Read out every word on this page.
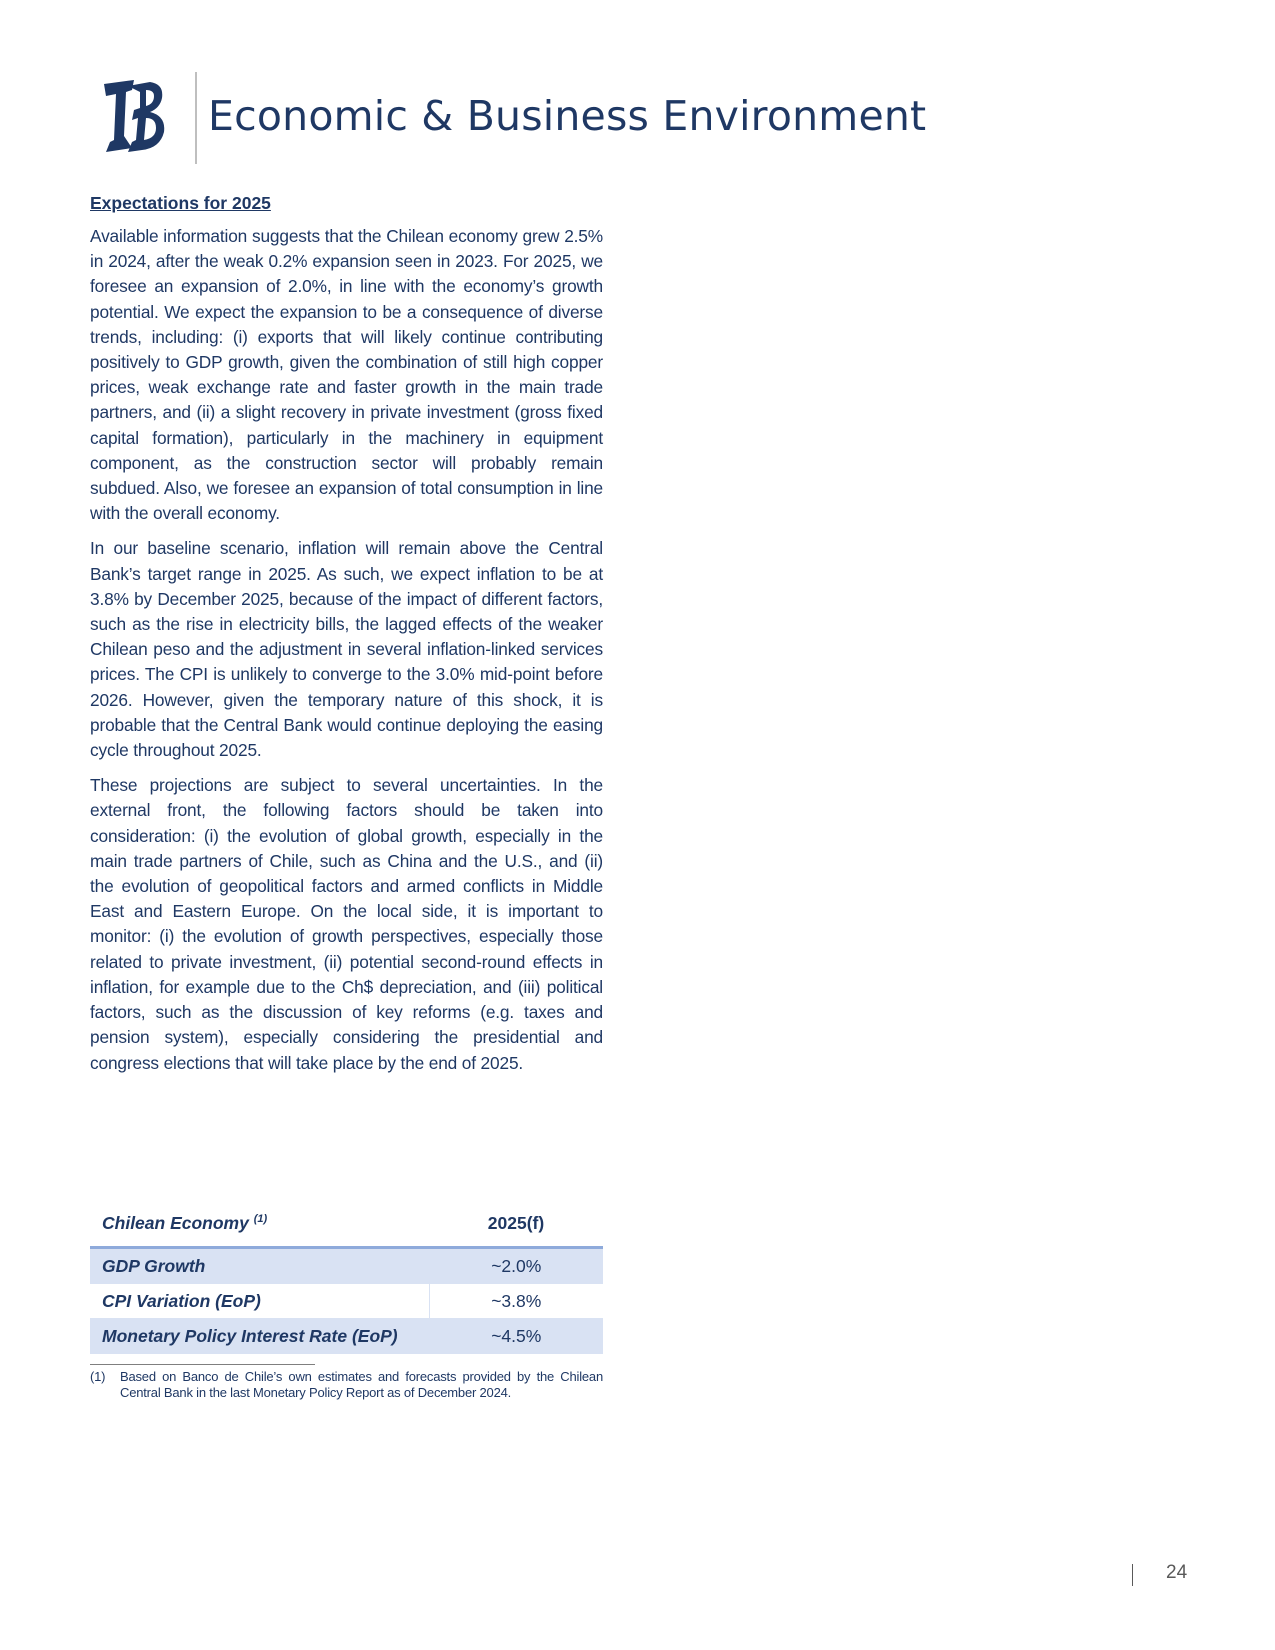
Economic & Business Environment
Expectations for 2025

Available information suggests that the Chilean economy grew 2.5% in 2024, after the weak 0.2% expansion seen in 2023. For 2025, we foresee an expansion of 2.0%, in line with the economy’s growth potential. We expect the expansion to be a consequence of diverse trends, including: (i) exports that will likely continue contributing positively to GDP growth, given the combination of still high copper prices, weak exchange rate and faster growth in the main trade partners, and (ii) a slight recovery in private investment (gross fixed capital formation), particularly in the machinery in equipment component, as the construction sector will probably remain subdued. Also, we foresee an expansion of total consumption in line with the overall economy.

In our baseline scenario, inflation will remain above the Central Bank’s target range in 2025. As such, we expect inflation to be at 3.8% by December 2025, because of the impact of different factors, such as the rise in electricity bills, the lagged effects of the weaker Chilean peso and the adjustment in several inflation-linked services prices. The CPI is unlikely to converge to the 3.0% mid-point before 2026. However, given the temporary nature of this shock, it is probable that the Central Bank would continue deploying the easing cycle throughout 2025.

These projections are subject to several uncertainties. In the external front, the following factors should be taken into consideration: (i) the evolution of global growth, especially in the main trade partners of Chile, such as China and the U.S., and (ii) the evolution of geopolitical factors and armed conflicts in Middle East and Eastern Europe. On the local side, it is important to monitor: (i) the evolution of growth perspectives, especially those related to private investment, (ii) potential second-round effects in inflation, for example due to the Ch$ depreciation, and (iii) political factors, such as the discussion of key reforms (e.g. taxes and pension system), especially considering the presidential and congress elections that will take place by the end of 2025.

Chilean Economy $^{(1)}$	2025(f)
GDP Growth	~2.0%
CPI Variation (EoP)	~3.8%
Monetary Policy Interest Rate (EoP)	~4.5%
(1)	Based on Banco de Chile’s own estimates and forecasts provided by the Chilean Central Bank in the last Monetary Policy Report as of December 2024.
24
